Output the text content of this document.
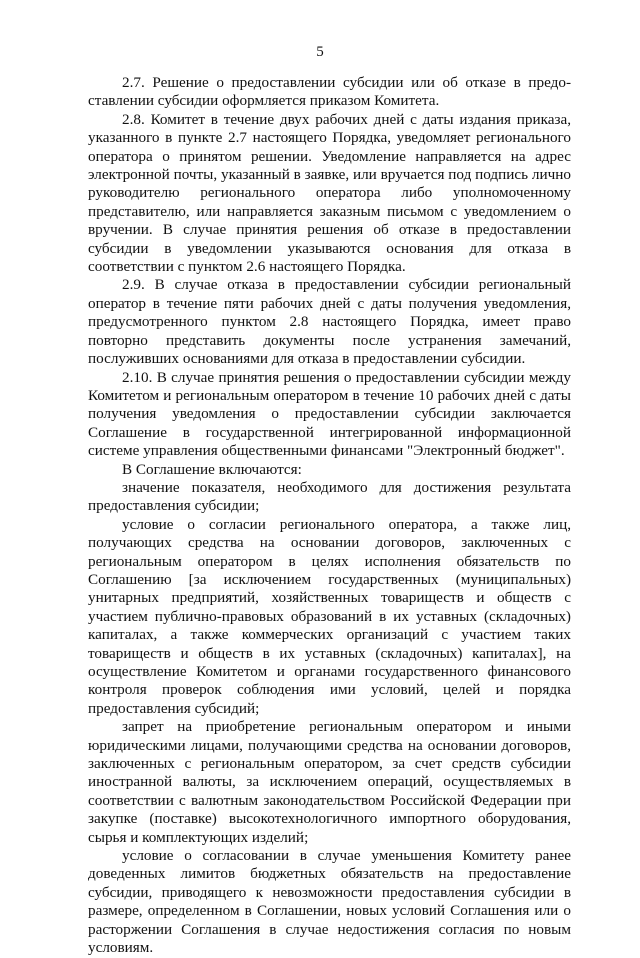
5

2.7. Решение о предоставлении субсидии или об отказе в предоставлении субсидии оформляется приказом Комитета.

2.8. Комитет в течение двух рабочих дней с даты издания приказа, указанного в пункте 2.7 настоящего Порядка, уведомляет регионального оператора о принятом решении. Уведомление направляется на адрес электронной почты, указанный в заявке, или вручается под подпись лично руководителю регионального оператора либо уполномоченному представителю, или направляется заказным письмом с уведомлением о вручении. В случае принятия решения об отказе в предоставлении субсидии в уведомлении указываются основания для отказа в соответствии с пунктом 2.6 настоящего Порядка.

2.9. В случае отказа в предоставлении субсидии региональный оператор в течение пяти рабочих дней с даты получения уведомления, предусмотренного пунктом 2.8 настоящего Порядка, имеет право повторно представить документы после устранения замечаний, послуживших основаниями для отказа в предоставлении субсидии.

2.10. В случае принятия решения о предоставлении субсидии между Комитетом и региональным оператором в течение 10 рабочих дней с даты получения уведомления о предоставлении субсидии заключается Соглашение в государственной интегрированной информационной системе управления общественными финансами "Электронный бюджет".

В Соглашение включаются:

значение показателя, необходимого для достижения результата предоставления субсидии;

условие о согласии регионального оператора, а также лиц, получающих средства на основании договоров, заключенных с региональным оператором в целях исполнения обязательств по Соглашению [за исключением государственных (муниципальных) унитарных предприятий, хозяйственных товариществ и обществ с участием публично-правовых образований в их уставных (складочных) капиталах, а также коммерческих организаций с участием таких товариществ и обществ в их уставных (складочных) капиталах], на осуществление Комитетом и органами государственного финансового контроля проверок соблюдения ими условий, целей и порядка предоставления субсидий;

запрет на приобретение региональным оператором и иными юридическими лицами, получающими средства на основании договоров, заключенных с региональным оператором, за счет средств субсидии иностранной валюты, за исключением операций, осуществляемых в соответствии с валютным законодательством Российской Федерации при закупке (поставке) высокотехнологичного импортного оборудования, сырья и комплектующих изделий;

условие о согласовании в случае уменьшения Комитету ранее доведенных лимитов бюджетных обязательств на предоставление субсидии, приводящего к невозможности предоставления субсидии в размере, определенном в Соглашении, новых условий Соглашения или о расторжении Соглашения в случае недостижения согласия по новым условиям.
